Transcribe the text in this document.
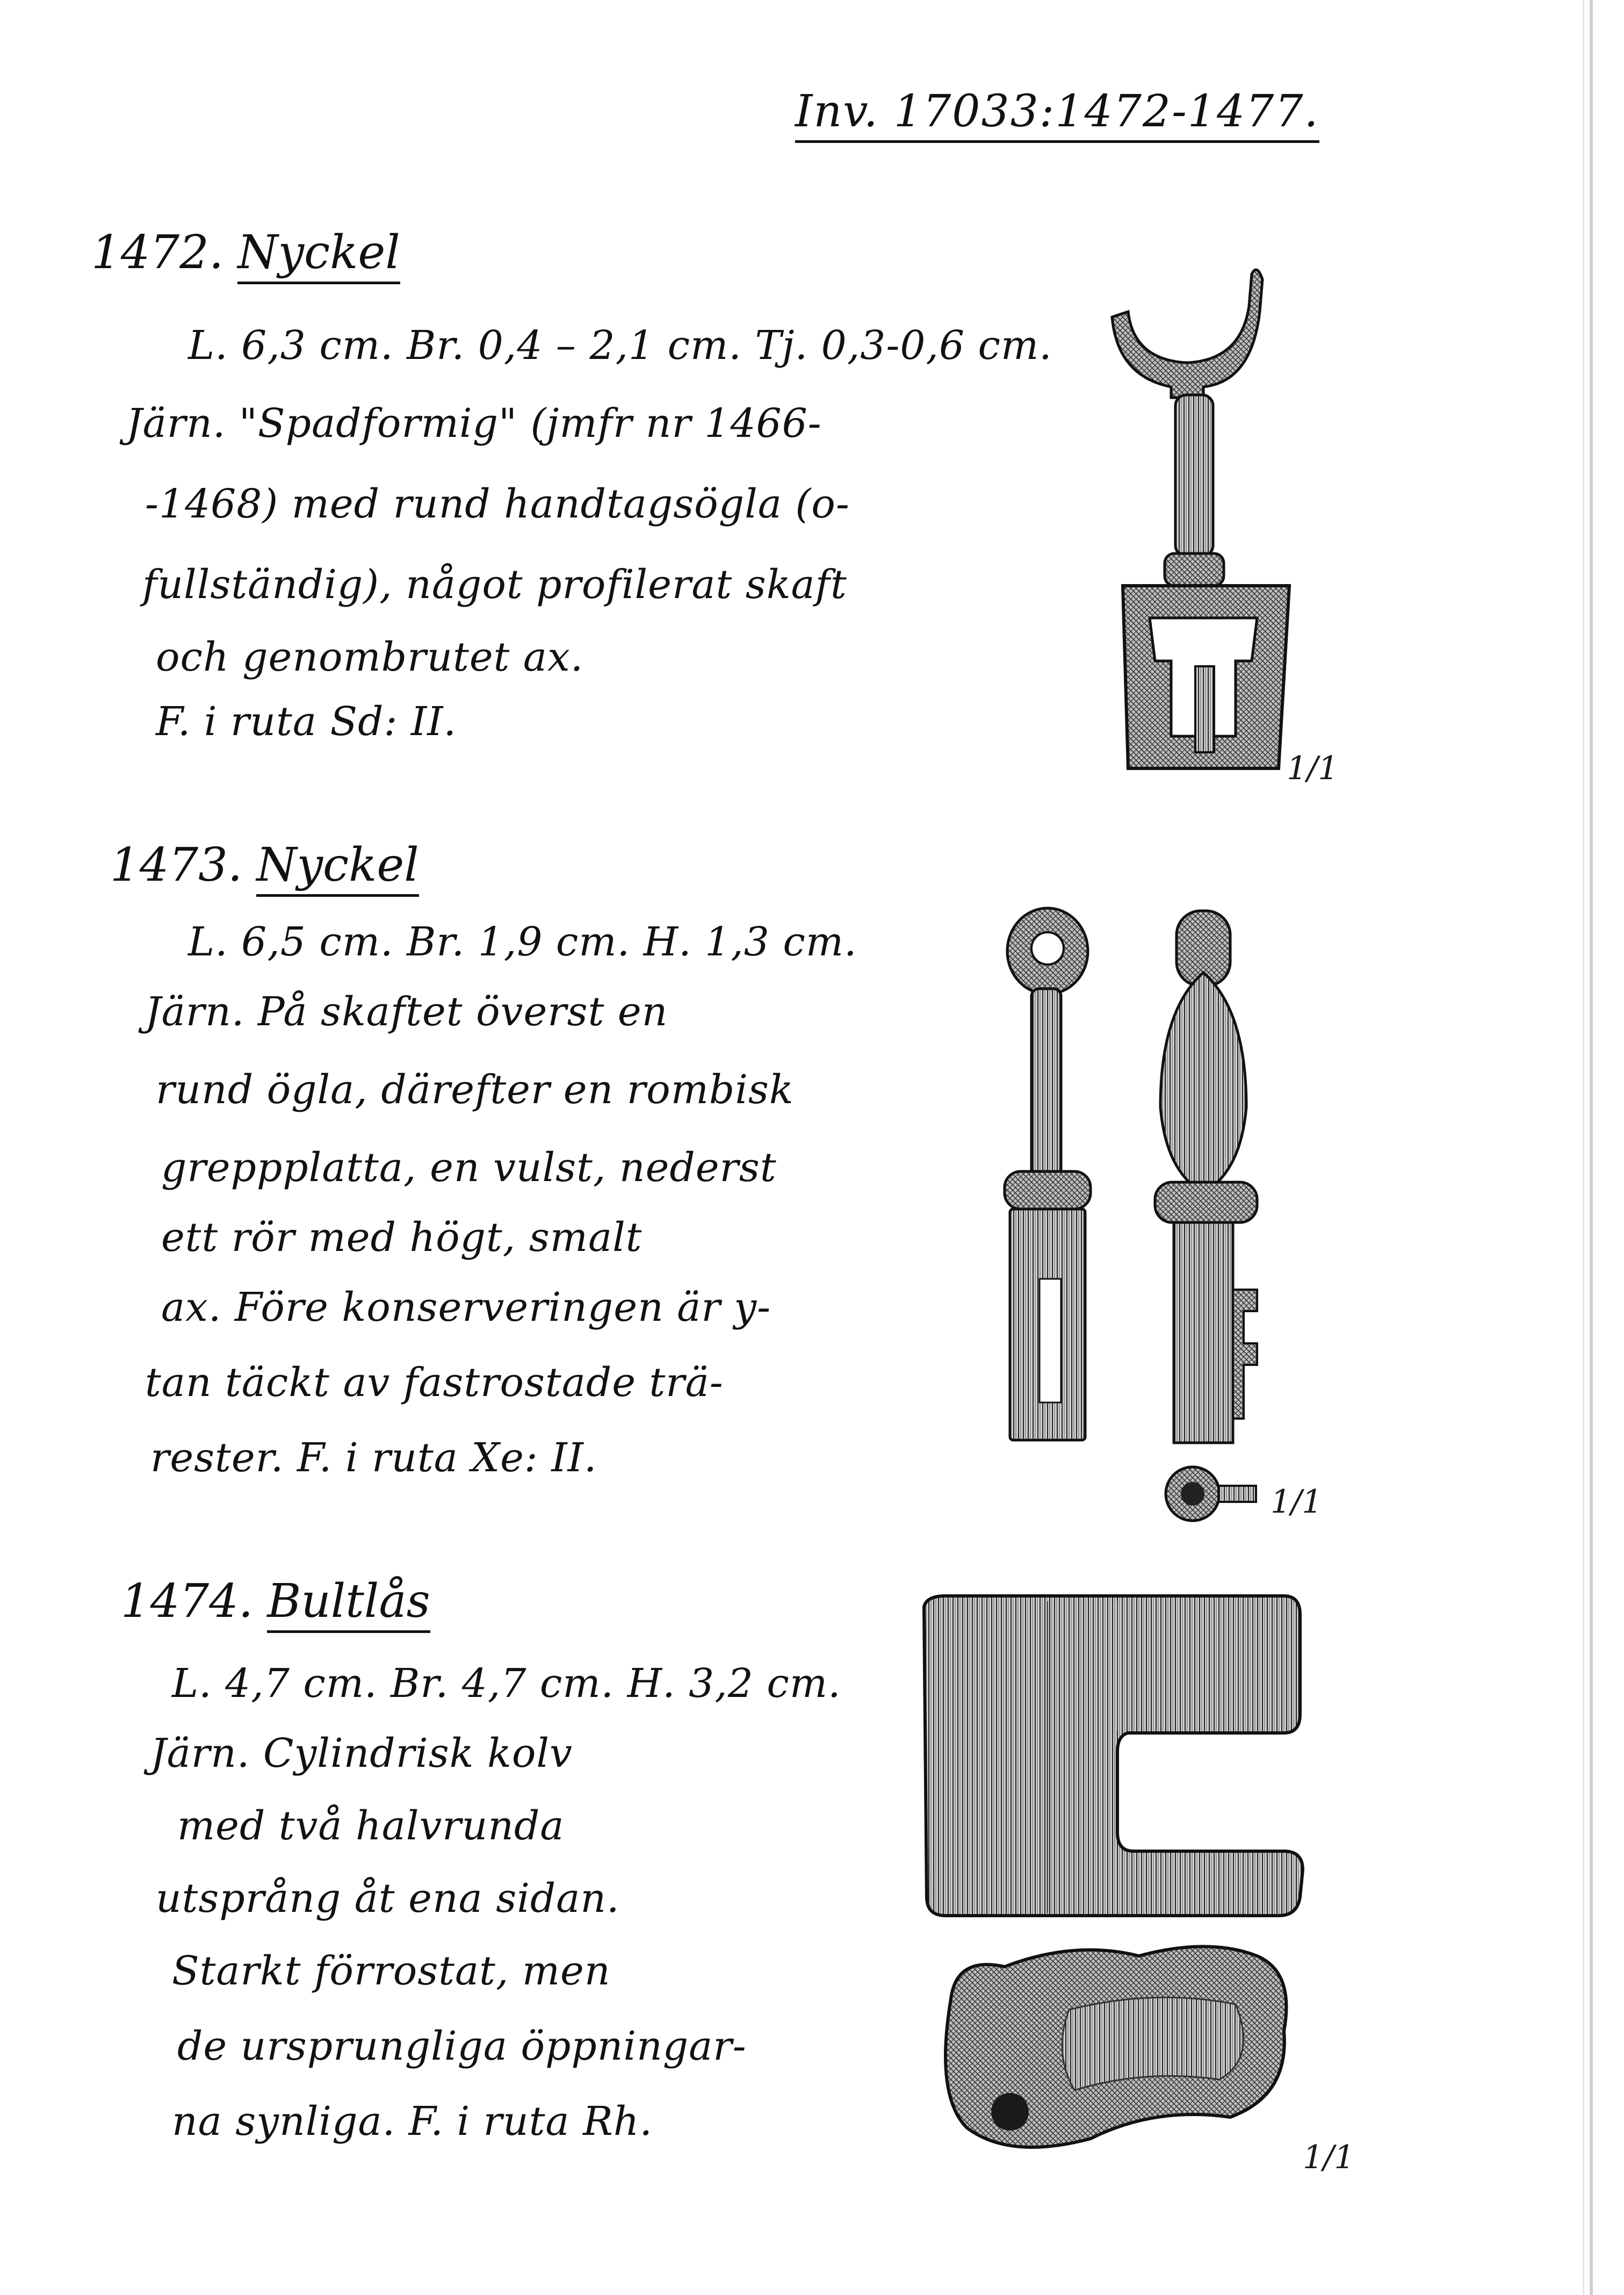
Inv. 17033:1472-1477.
1472. Nyckel
L. 6,3 cm. Br. 0,4 – 2,1 cm. Tj. 0,3-0,6 cm.
Järn. "Spadformig" (jmfr nr 1466-
-1468) med rund handtagsögla (o-
fullständig), något profilerat skaft
och genombrutet ax.
F. i ruta Sd: II.
1/1
1473. Nyckel
L. 6,5 cm. Br. 1,9 cm. H. 1,3 cm.
Järn. På skaftet överst en
rund ögla, därefter en rombisk
greppplatta, en vulst, nederst
ett rör med högt, smalt
ax. Före konserveringen är y-
tan täckt av fastrostade trä-
rester. F. i ruta Xe: II.
1/1
1474. Bultlås
L. 4,7 cm. Br. 4,7 cm. H. 3,2 cm.
Järn. Cylindrisk kolv
med två halvrunda
utsprång åt ena sidan.
Starkt förrostat, men
de ursprungliga öppningar-
na synliga. F. i ruta Rh.
1/1
